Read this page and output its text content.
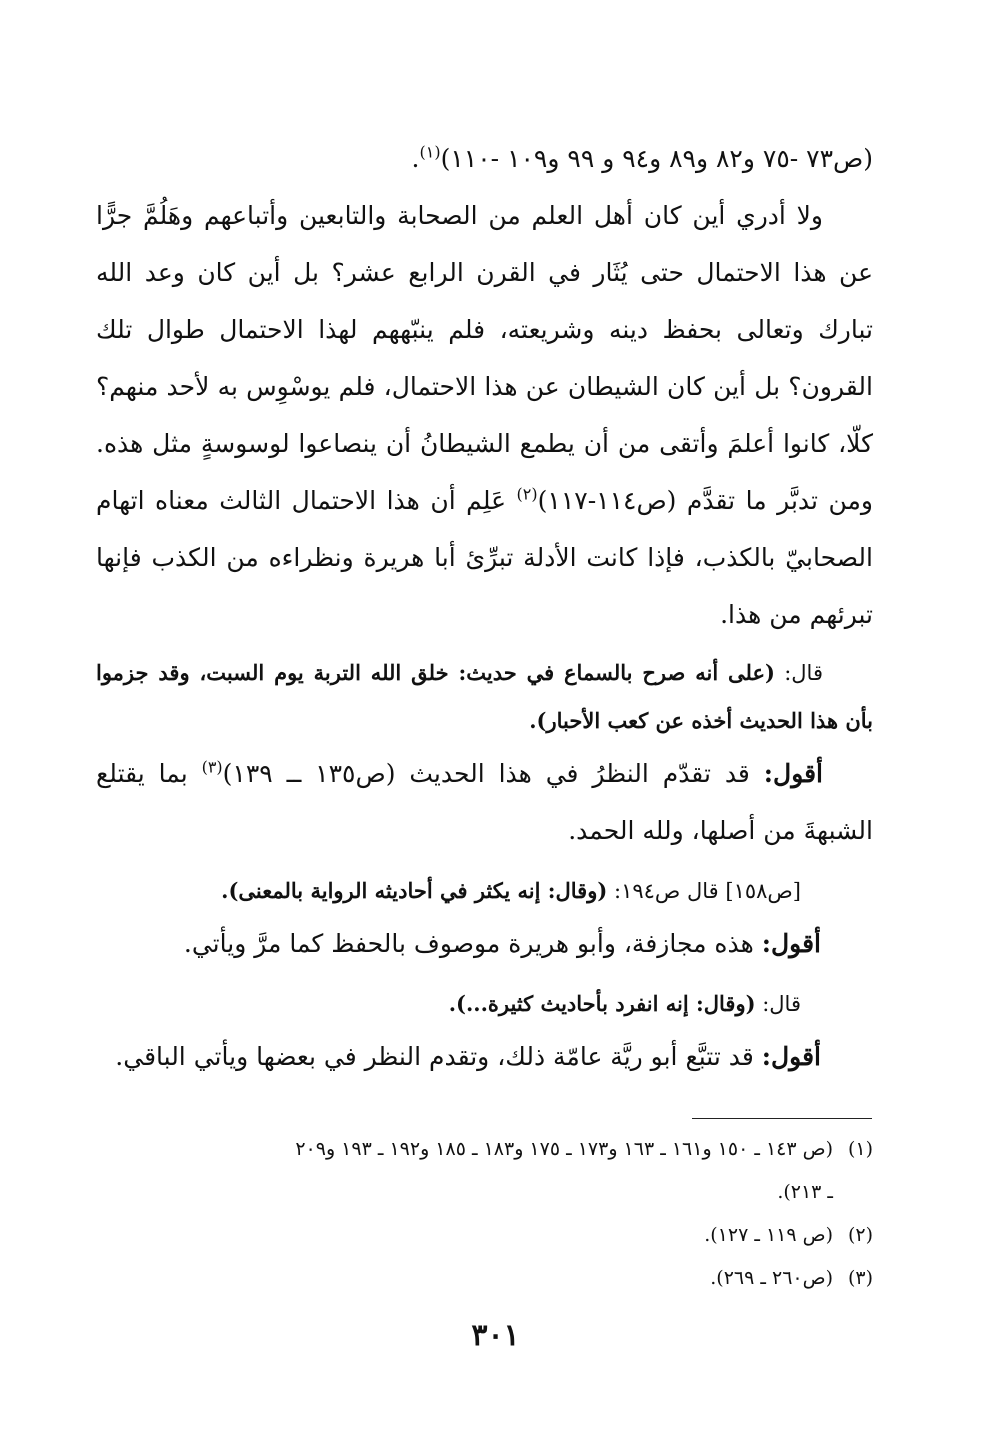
(ص٧٣ -٧٥ و٨٢ و٨٩ و٩٤ و ٩٩ و١٠٩ -١١٠)$^{(١)}$.

ولا أدري أين كان أهل العلم من الصحابة والتابعين وأتباعهم وهَلُمَّ جرًّا عن هذا الاحتمال حتى يُثَار في القرن الرابع عشر؟ بل أين كان وعد الله تبارك وتعالى بحفظ دينه وشريعته، فلم ينبّههم لهذا الاحتمال طوال تلك القرون؟ بل أين كان الشيطان عن هذا الاحتمال، فلم يوسْوِس به لأحد منهم؟ كلّا، كانوا أعلمَ وأتقى من أن يطمع الشيطانُ أن ينصاعوا لوسوسةٍ مثل هذه. ومن تدبَّر ما تقدَّم (ص١١٤-١١٧)$^{(٢)}$ عَلِم أن هذا الاحتمال الثالث معناه اتهام الصحابيّ بالكذب، فإذا كانت الأدلة تبرِّئ أبا هريرة ونظراءه من الكذب فإنها تبرئهم من هذا.

قال: (على أنه صرح بالسماع في حديث: خلق الله التربة يوم السبت، وقد جزموا بأن هذا الحديث أخذه عن كعب الأحبار).

أقول: قد تقدّم النظرُ في هذا الحديث (ص١٣٥ ــ ١٣٩)$^{(٣)}$ بما يقتلع الشبهةَ من أصلها، ولله الحمد.

[ص١٥٨] قال ص١٩٤: (وقال: إنه يكثر في أحاديثه الرواية بالمعنى).

أقول: هذه مجازفة، وأبو هريرة موصوف بالحفظ كما مرَّ ويأتي.

قال: (وقال: إنه انفرد بأحاديث كثيرة...).

أقول: قد تتبَّع أبو ريَّة عامّة ذلك، وتقدم النظر في بعضها ويأتي الباقي.

(١)(ص ١٤٣ ـ ١٥٠ و١٦١ ـ ١٦٣ و١٧٣ ـ ١٧٥ و١٨٣ ـ ١٨٥ و١٩٢ ـ ١٩٣ و٢٠٩

ـ ٢١٣).

(٢)(ص ١١٩ ـ ١٢٧).

(٣)(ص٢٦٠ ـ ٢٦٩).

٣٠١
